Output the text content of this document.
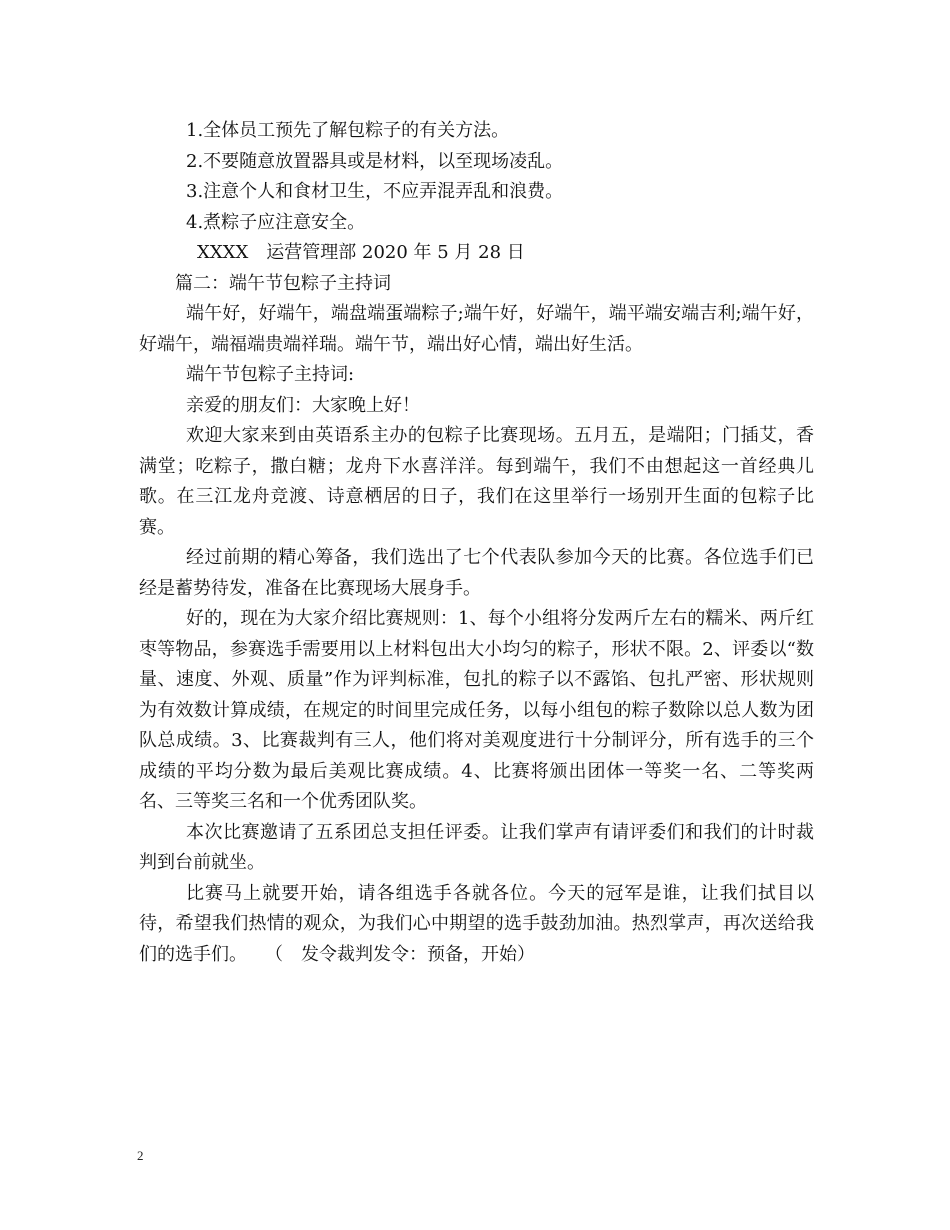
1.全体员工预先了解包粽子的有关方法。

2.不要随意放置器具或是材料，以至现场凌乱。

3.注意个人和食材卫生，不应弄混弄乱和浪费。

4.煮粽子应注意安全。

XXXX 运营管理部 2020 年 5 月 28 日

篇二：端午节包粽子主持词

端午好，好端午，端盘端蛋端粽子;端午好，好端午，端平端安端吉利;端午好，好端午，端福端贵端祥瑞。端午节，端出好心情，端出好生活。

端午节包粽子主持词:

亲爱的朋友们：大家晚上好！

欢迎大家来到由英语系主办的包粽子比赛现场。五月五，是端阳；门插艾，香满堂；吃粽子，撒白糖；龙舟下水喜洋洋。每到端午，我们不由想起这一首经典儿歌。在三江龙舟竞渡、诗意栖居的日子，我们在这里举行一场别开生面的包粽子比赛。

经过前期的精心筹备，我们选出了七个代表队参加今天的比赛。各位选手们已经是蓄势待发，准备在比赛现场大展身手。

好的，现在为大家介绍比赛规则：1、每个小组将分发两斤左右的糯米、两斤红枣等物品，参赛选手需要用以上材料包出大小均匀的粽子，形状不限。2、评委以“数量、速度、外观、质量”作为评判标准，包扎的粽子以不露馅、包扎严密、形状规则为有效数计算成绩，在规定的时间里完成任务，以每小组包的粽子数除以总人数为团队总成绩。3、比赛裁判有三人，他们将对美观度进行十分制评分，所有选手的三个成绩的平均分数为最后美观比赛成绩。4、比赛将颁出团体一等奖一名、二等奖两名、三等奖三名和一个优秀团队奖。

本次比赛邀请了五系团总支担任评委。让我们掌声有请评委们和我们的计时裁判到台前就坐。

比赛马上就要开始，请各组选手各就各位。今天的冠军是谁，让我们拭目以待，希望我们热情的观众，为我们心中期望的选手鼓劲加油。热烈掌声，再次送给我们的选手们。　　（　发令裁判发令：预备，开始）

2
